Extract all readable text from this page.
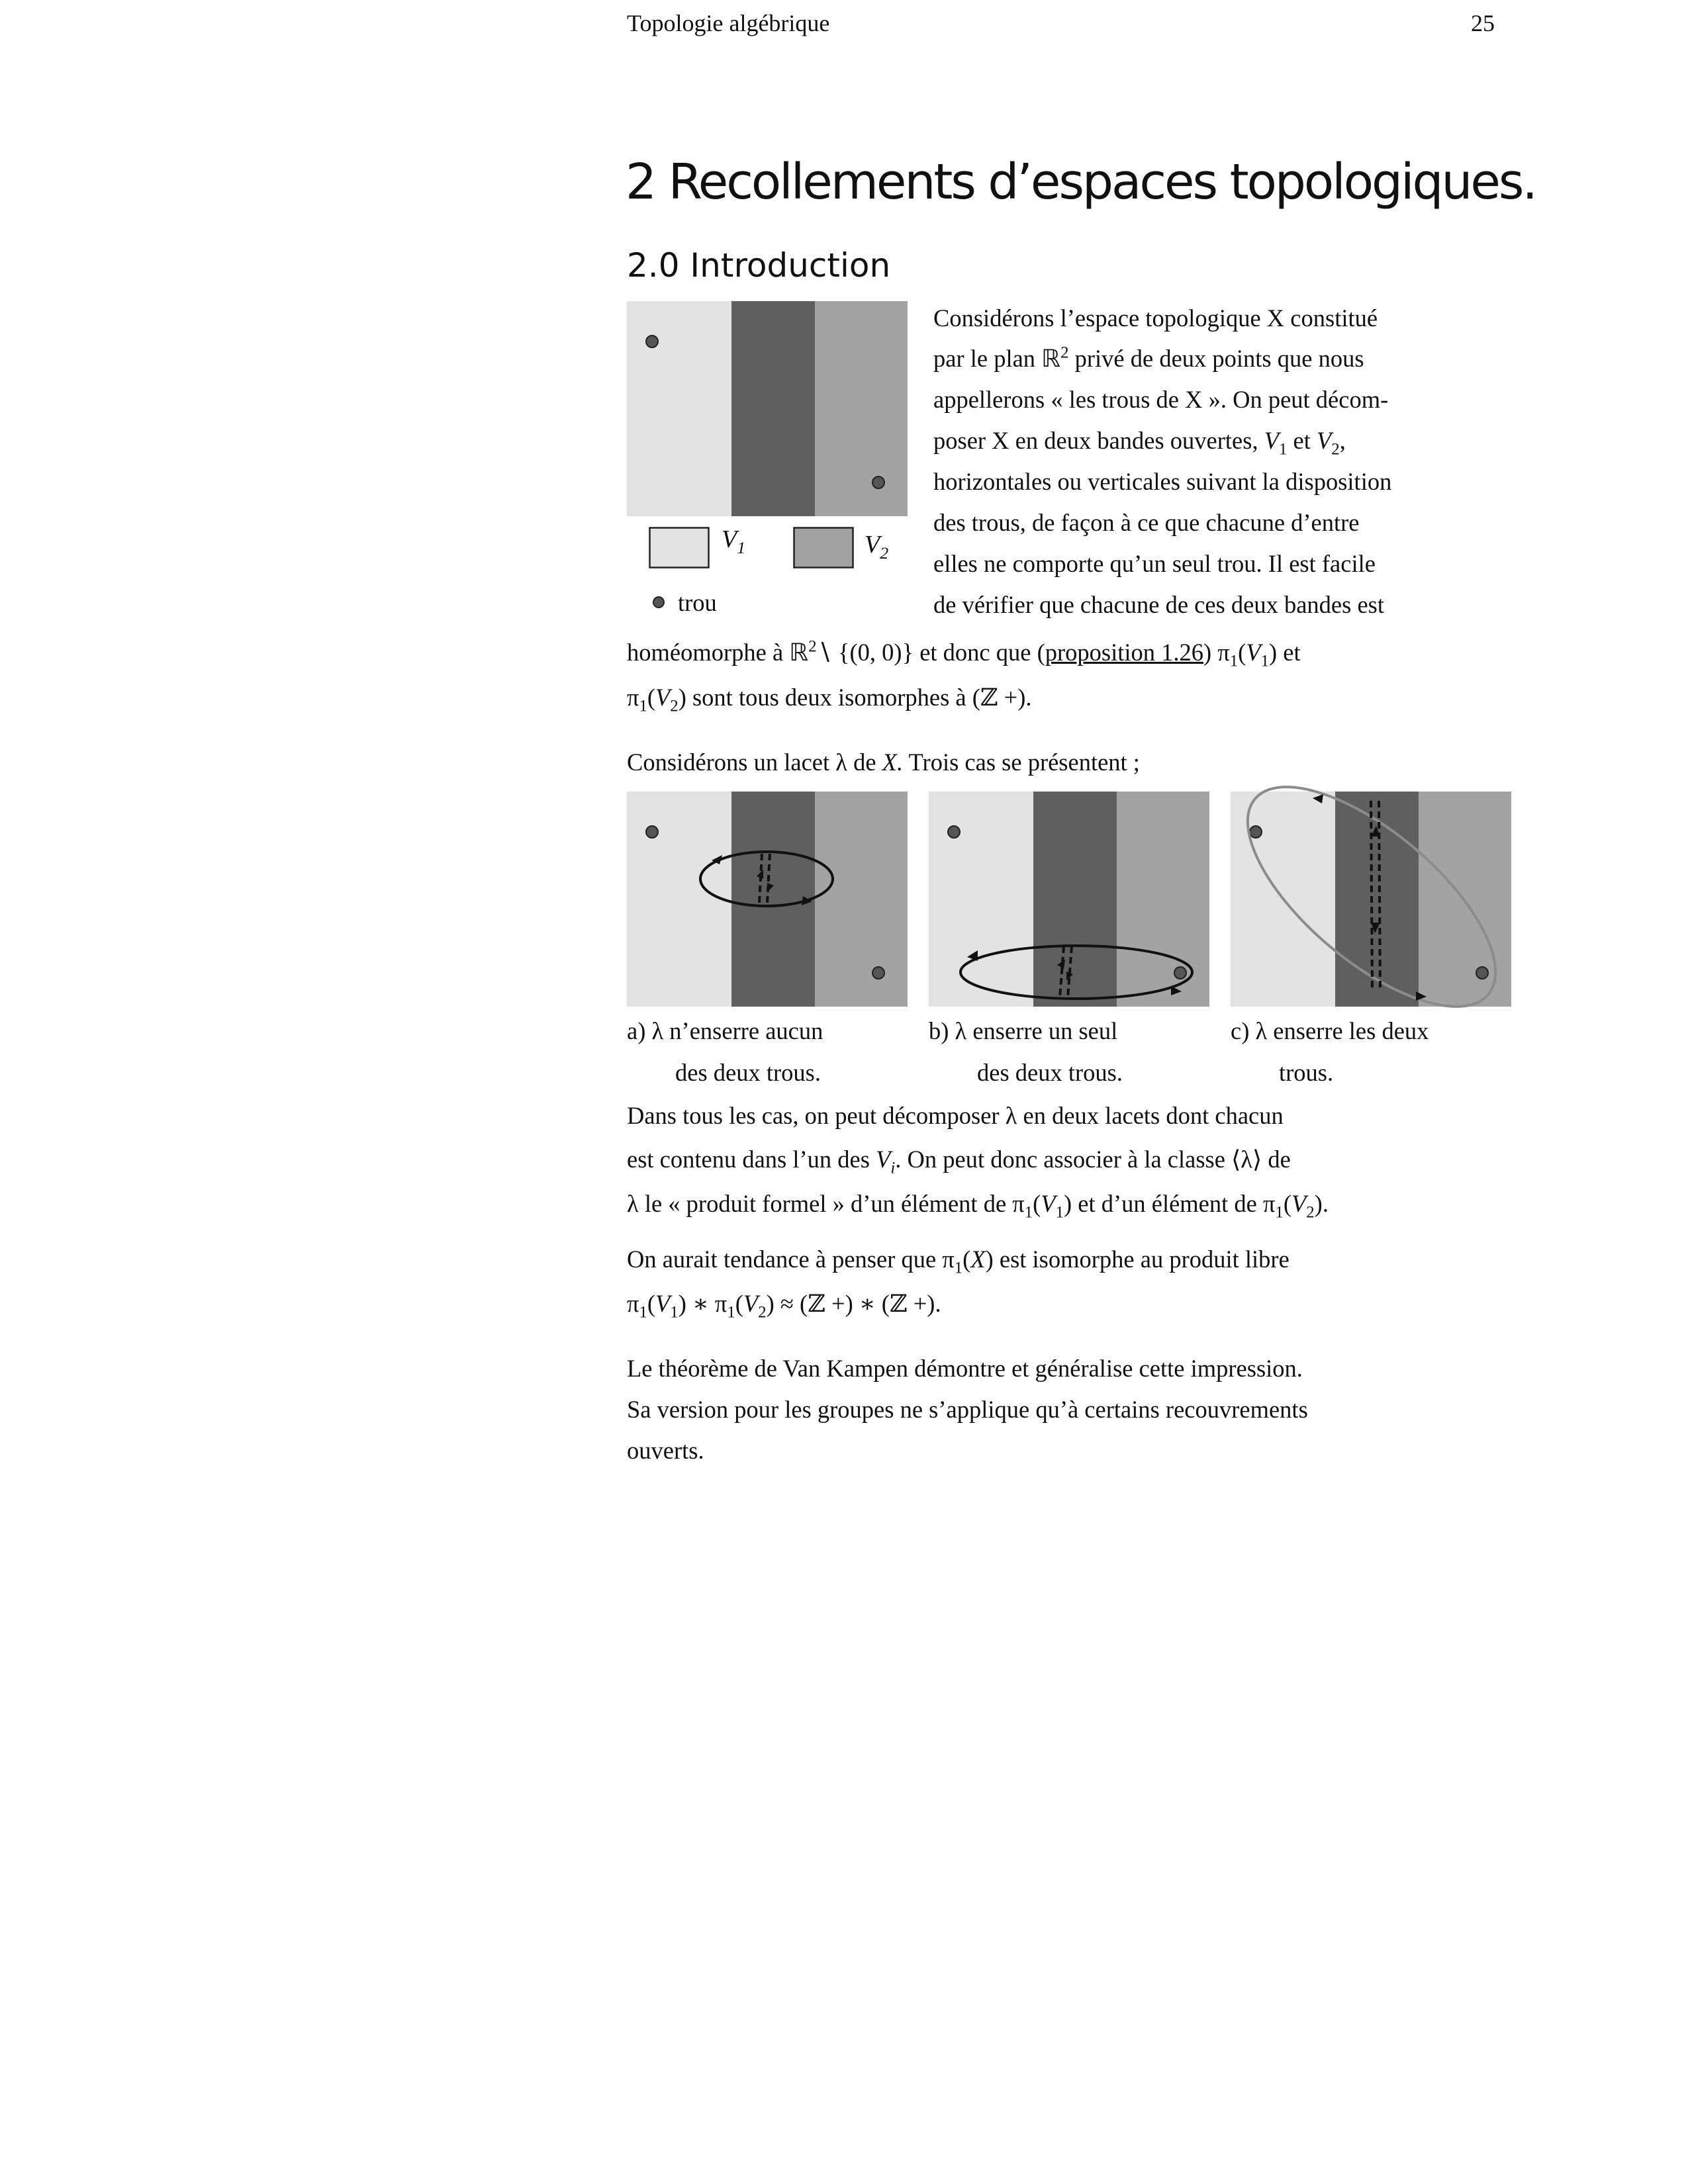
Topologie algébrique	25
2 Recollements d’espaces topologiques.
2.0 Introduction
$V_1$	$V_2$
trou
Considérons l’espace topologique X constitué
par le plan ℝ$^2$ privé de deux points que nous
appellerons « les trous de X ». On peut décom-
poser X en deux bandes ouvertes, $V_1$ et $V_2$,
horizontales ou verticales suivant la disposition
des trous, de façon à ce que chacune d’entre
elles ne comporte qu’un seul trou. Il est facile
de vérifier que chacune de ces deux bandes est
homéomorphe à ℝ$^2$∖ {(0, 0)} et donc que (proposition 1.26) $\pi_1(V_1)$ et
$\pi_1(V_2)$ sont tous deux isomorphes à (ℤ +).
Considérons un lacet λ de X. Trois cas se présentent ;
a) λ n’enserre aucun
des deux trous.
b) λ enserre un seul
des deux trous.
c) λ enserre les deux
trous.
Dans tous les cas, on peut décomposer λ en deux lacets dont chacun
est contenu dans l’un des $V_i$. On peut donc associer à la classe ⟨λ⟩ de
λ le « produit formel » d’un élément de $\pi_1(V_1)$ et d’un élément de $\pi_1(V_2)$.
On aurait tendance à penser que $\pi_1(X)$ est isomorphe au produit libre
$\pi_1(V_1)$ ∗ $\pi_1(V_2)$ ≈ (ℤ +) ∗ (ℤ +).
Le théorème de Van Kampen démontre et généralise cette impression.
Sa version pour les groupes ne s’applique qu’à certains recouvrements
ouverts.
